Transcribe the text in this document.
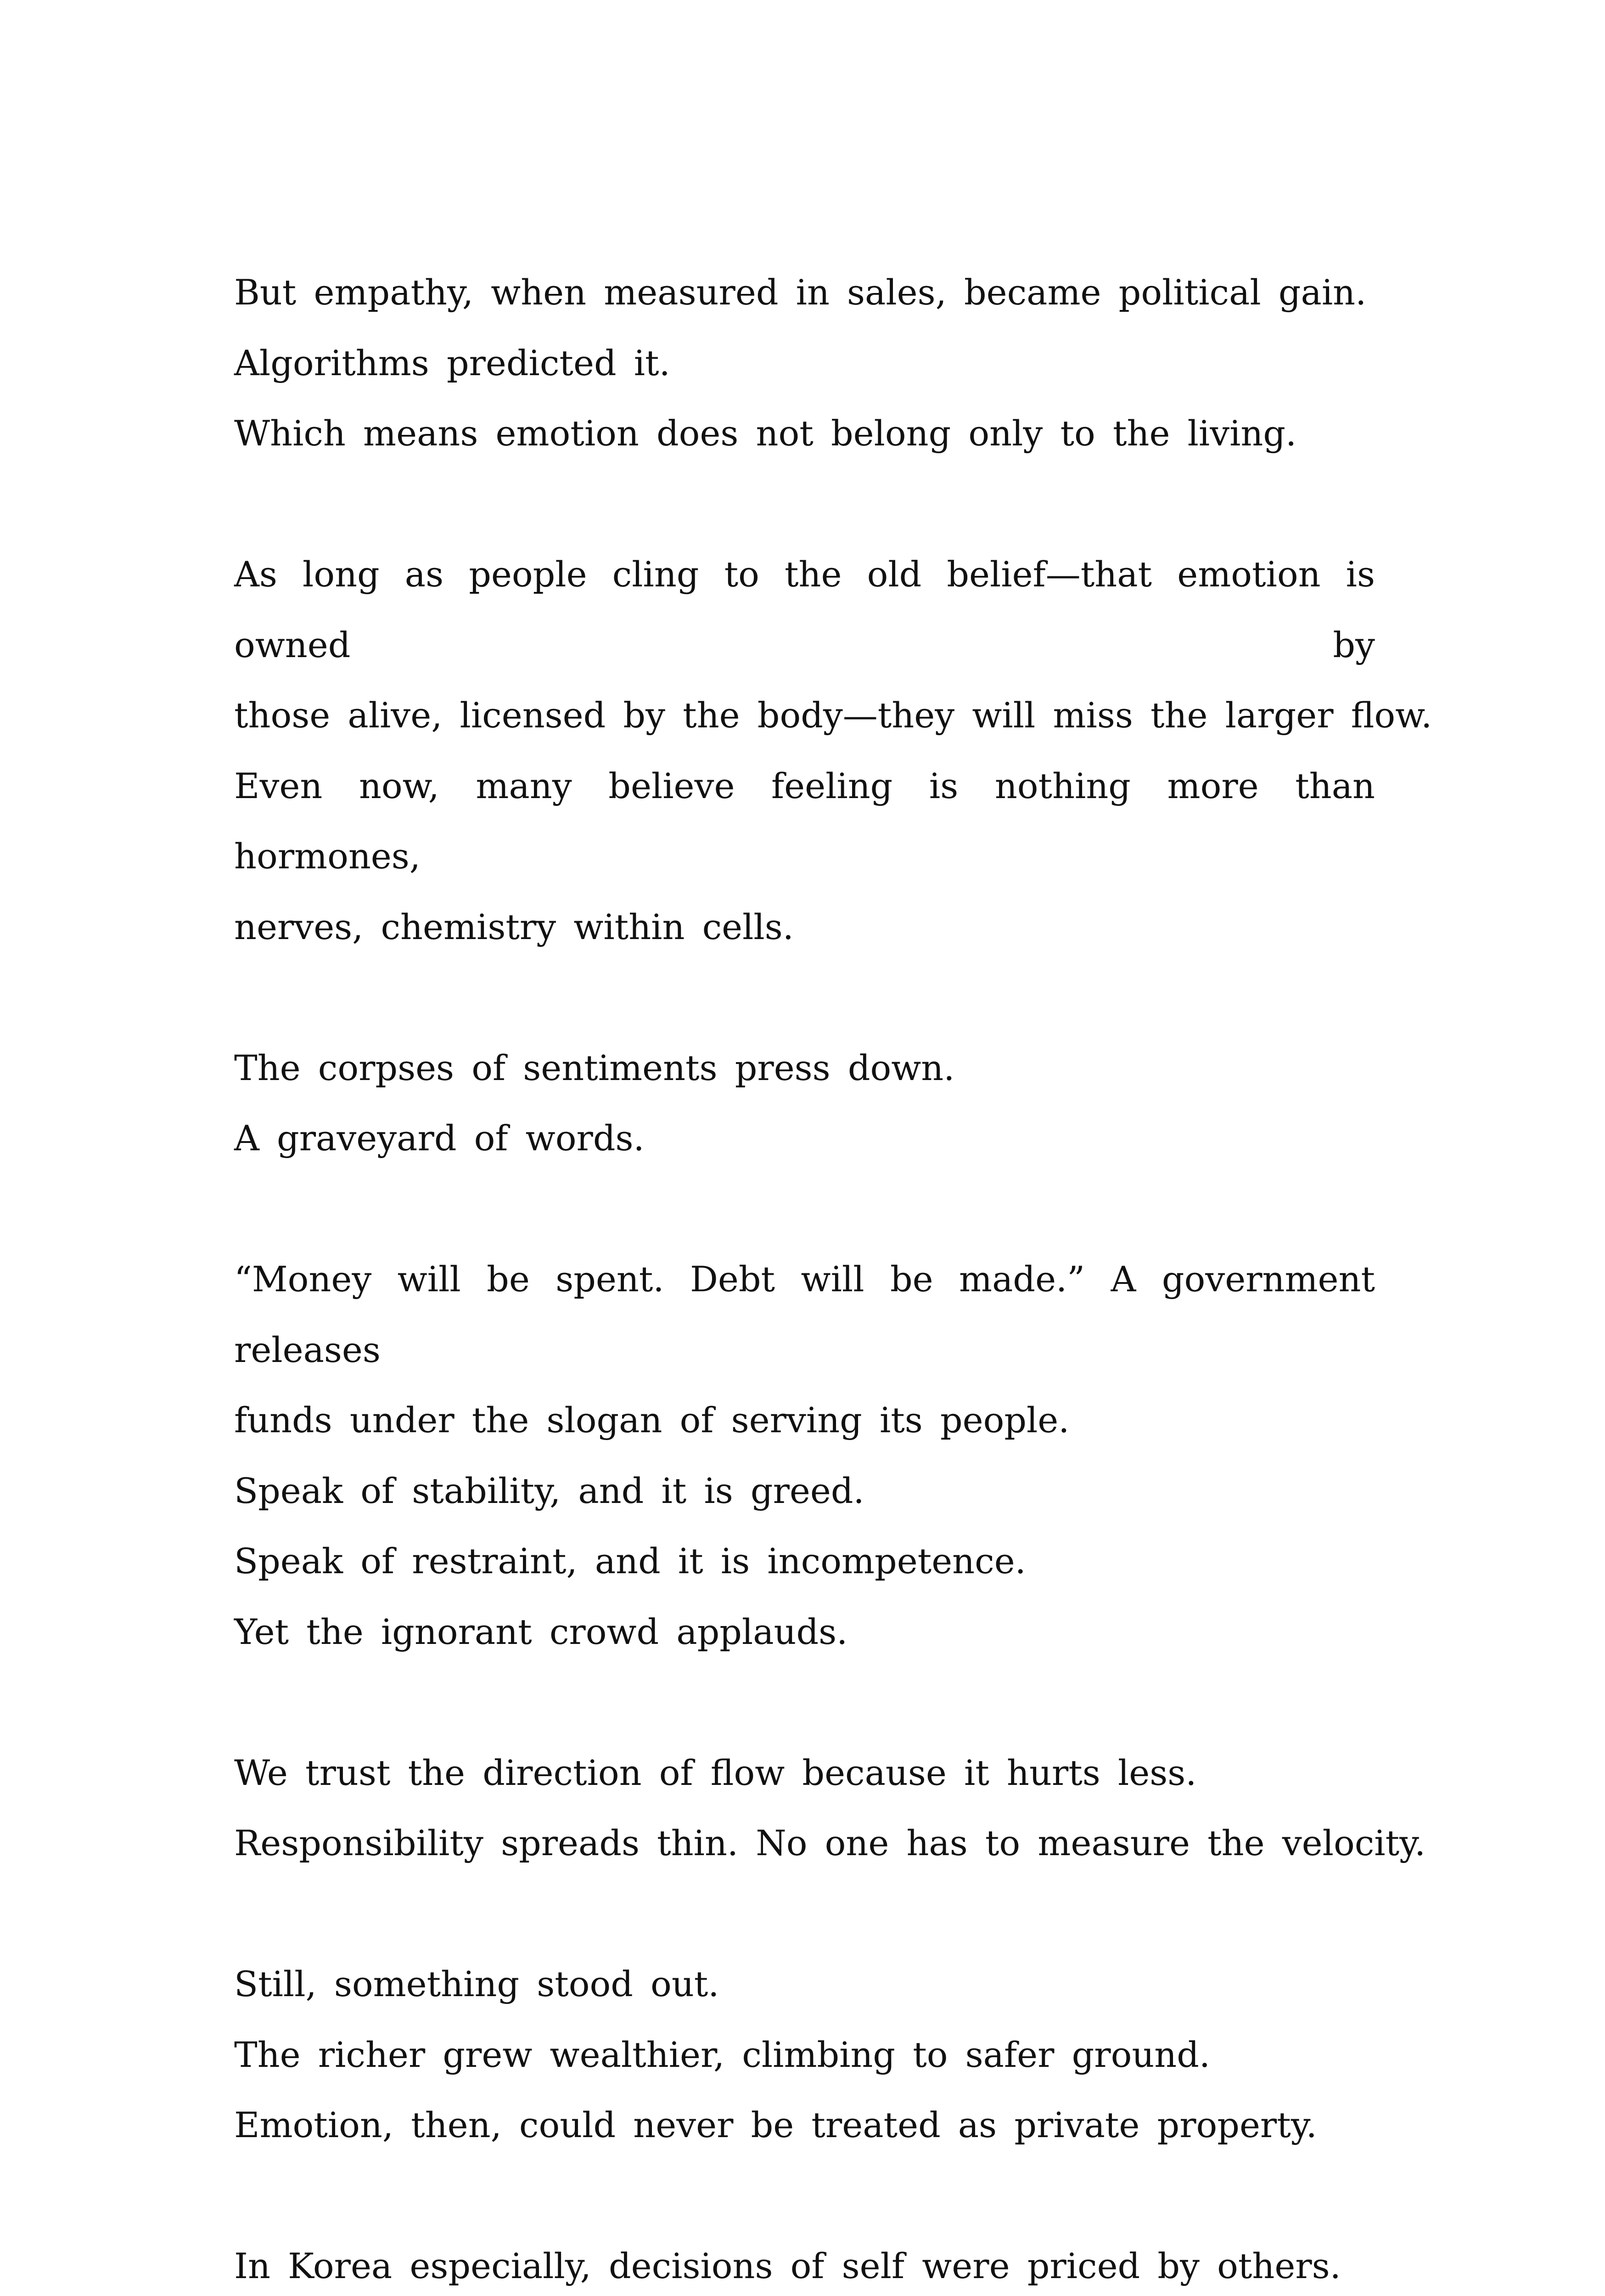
But empathy, when measured in sales, became political gain.
Algorithms predicted it.
Which means emotion does not belong only to the living.

As long as people cling to the old belief—that emotion is owned by
those alive, licensed by the body—they will miss the larger flow.
Even now, many believe feeling is nothing more than hormones,
nerves, chemistry within cells.

The corpses of sentiments press down.
A graveyard of words.

“Money will be spent. Debt will be made.” A government releases
funds under the slogan of serving its people.
Speak of stability, and it is greed.
Speak of restraint, and it is incompetence.
Yet the ignorant crowd applauds.

We trust the direction of flow because it hurts less.
Responsibility spreads thin. No one has to measure the velocity.

Still, something stood out.
The richer grew wealthier, climbing to safer ground.
Emotion, then, could never be treated as private property.

In Korea especially, decisions of self were priced by others.
